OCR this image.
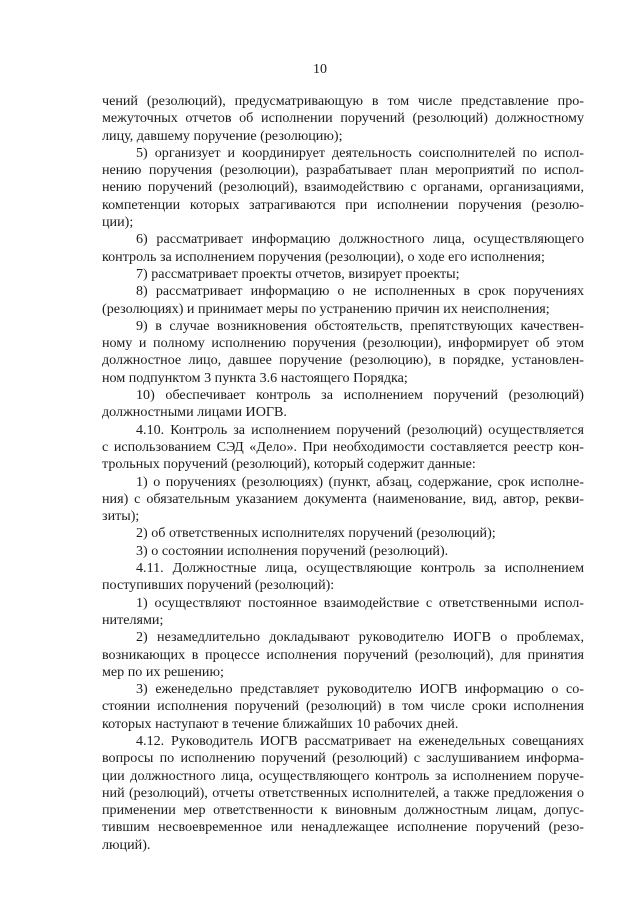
10

чений (резолюций), предусматривающую в том числе представление про-
межуточных отчетов об исполнении поручений (резолюций) должностному
лицу, давшему поручение (резолюцию);

5) организует и координирует деятельность соисполнителей по испол-
нению поручения (резолюции), разрабатывает план мероприятий по испол-
нению поручений (резолюций), взаимодействию с органами, организациями,
компетенции которых затрагиваются при исполнении поручения (резолю-
ции);

6) рассматривает информацию должностного лица, осуществляющего
контроль за исполнением поручения (резолюции), о ходе его исполнения;

7) рассматривает проекты отчетов, визирует проекты;

8) рассматривает информацию о не исполненных в срок поручениях
(резолюциях) и принимает меры по устранению причин их неисполнения;

9) в случае возникновения обстоятельств, препятствующих качествен-
ному и полному исполнению поручения (резолюции), информирует об этом
должностное лицо, давшее поручение (резолюцию), в порядке, установлен-
ном подпунктом 3 пункта 3.6 настоящего Порядка;

10) обеспечивает контроль за исполнением поручений (резолюций)
должностными лицами ИОГВ.

4.10. Контроль за исполнением поручений (резолюций) осуществляется
с использованием СЭД «Дело». При необходимости составляется реестр кон-
трольных поручений (резолюций), который содержит данные:

1) о поручениях (резолюциях) (пункт, абзац, содержание, срок исполне-
ния) с обязательным указанием документа (наименование, вид, автор, рекви-
зиты);

2) об ответственных исполнителях поручений (резолюций);

3) о состоянии исполнения поручений (резолюций).

4.11. Должностные лица, осуществляющие контроль за исполнением
поступивших поручений (резолюций):

1) осуществляют постоянное взаимодействие с ответственными испол-
нителями;

2) незамедлительно докладывают руководителю ИОГВ о проблемах,
возникающих в процессе исполнения поручений (резолюций), для принятия
мер по их решению;

3) еженедельно представляет руководителю ИОГВ информацию о со-
стоянии исполнения поручений (резолюций) в том числе сроки исполнения
которых наступают в течение ближайших 10 рабочих дней.

4.12. Руководитель ИОГВ рассматривает на еженедельных совещаниях
вопросы по исполнению поручений (резолюций) с заслушиванием информа-
ции должностного лица, осуществляющего контроль за исполнением поруче-
ний (резолюций), отчеты ответственных исполнителей, а также предложения о
применении мер ответственности к виновным должностным лицам, допус-
тившим несвоевременное или ненадлежащее исполнение поручений (резо-
люций).
